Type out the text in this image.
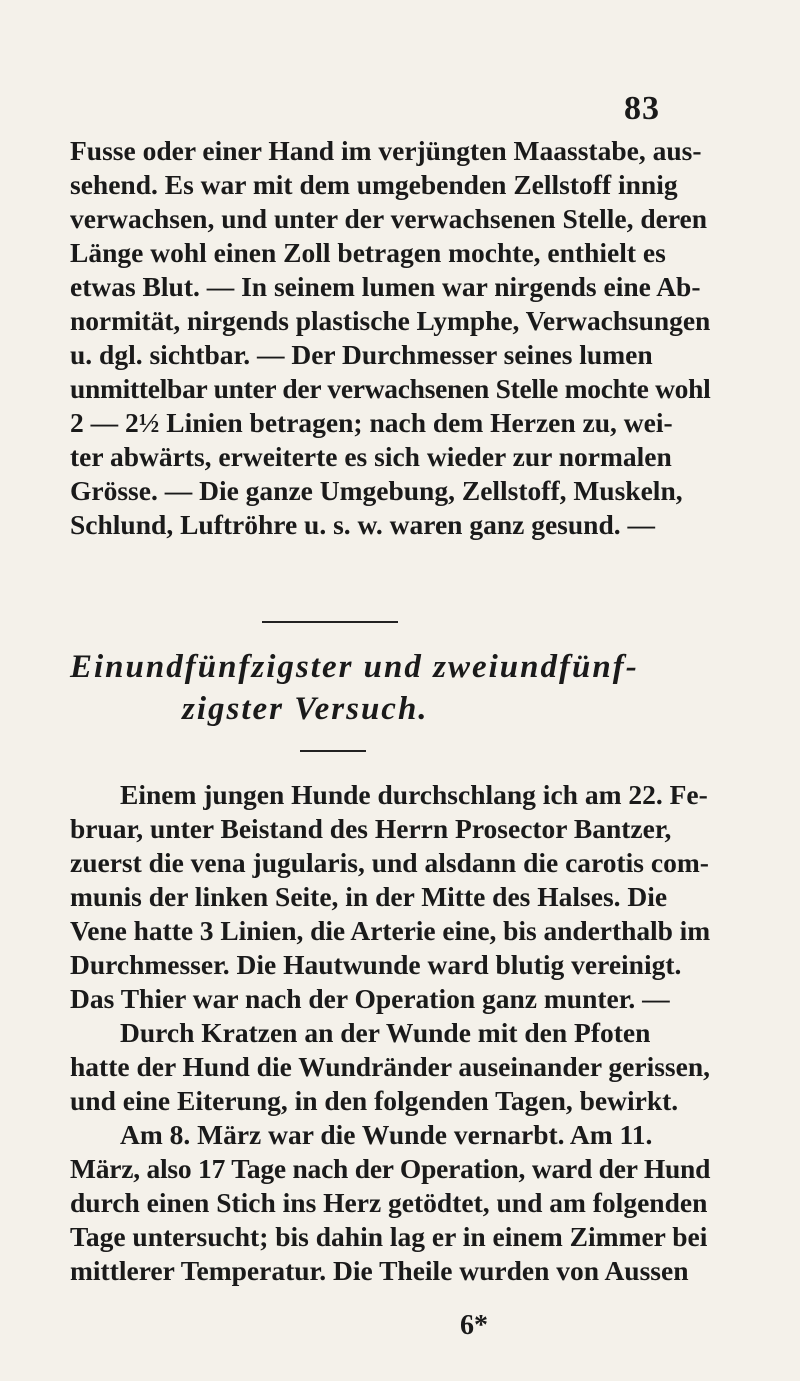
83
Fusse oder einer Hand im verjüngten Maasstabe, aus-
sehend. Es war mit dem umgebenden Zellstoff innig
verwachsen, und unter der verwachsenen Stelle, deren
Länge wohl einen Zoll betragen mochte, enthielt es
etwas Blut. — In seinem lumen war nirgends eine Ab-
normität, nirgends plastische Lymphe, Verwachsungen
u. dgl. sichtbar. — Der Durchmesser seines lumen
unmittelbar unter der verwachsenen Stelle mochte wohl
2 — 2½ Linien betragen; nach dem Herzen zu, wei-
ter abwärts, erweiterte es sich wieder zur normalen
Grösse. — Die ganze Umgebung, Zellstoff, Muskeln,
Schlund, Luftröhre u. s. w. waren ganz gesund. —
Einundfünfzigster und zweiundfünf-
zigster Versuch.
Einem jungen Hunde durchschlang ich am 22. Fe-
bruar, unter Beistand des Herrn Prosector Bantzer,
zuerst die vena jugularis, und alsdann die carotis com-
munis der linken Seite, in der Mitte des Halses. Die
Vene hatte 3 Linien, die Arterie eine, bis anderthalb im
Durchmesser. Die Hautwunde ward blutig vereinigt.
Das Thier war nach der Operation ganz munter. —
Durch Kratzen an der Wunde mit den Pfoten
hatte der Hund die Wundränder auseinander gerissen,
und eine Eiterung, in den folgenden Tagen, bewirkt.
Am 8. März war die Wunde vernarbt. Am 11.
März, also 17 Tage nach der Operation, ward der Hund
durch einen Stich ins Herz getödtet, und am folgenden
Tage untersucht; bis dahin lag er in einem Zimmer bei
mittlerer Temperatur. Die Theile wurden von Aussen
6*
